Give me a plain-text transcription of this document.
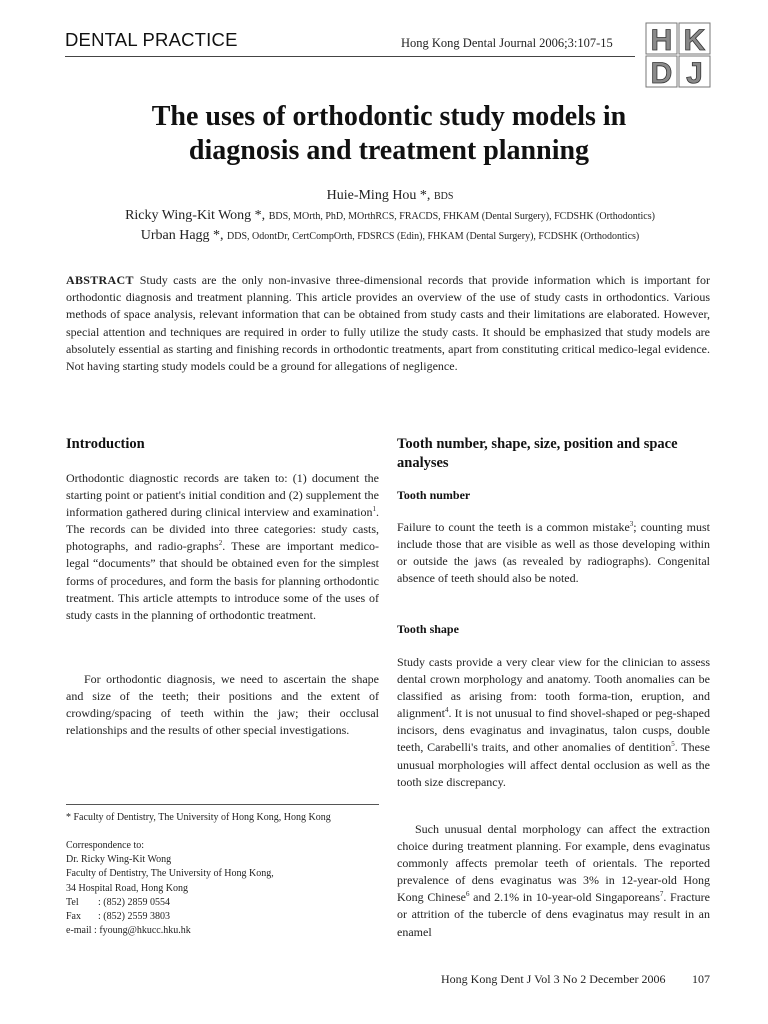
DENTAL PRACTICE	Hong Kong Dental Journal 2006;3:107-15 H K
D J
The uses of orthodontic study models in
diagnosis and treatment planning
Huie-Ming Hou *, BDS
Ricky Wing-Kit Wong *, BDS, MOrth, PhD, MOrthRCS, FRACDS, FHKAM (Dental Surgery), FCDSHK (Orthodontics)
Urban Hagg *, DDS, OdontDr, CertCompOrth, FDSRCS (Edin), FHKAM (Dental Surgery), FCDSHK (Orthodontics)
ABSTRACT Study casts are the only non-invasive three-dimensional records that provide information which is important for orthodontic diagnosis and treatment planning. This article provides an overview of the use of study casts in orthodontics. Various methods of space analysis, relevant information that can be obtained from study casts and their limitations are elaborated. However, special attention and techniques are required in order to fully utilize the study casts. It should be emphasized that study models are absolutely essential as starting and finishing records in orthodontic treatments, apart from constituting critical medico-legal evidence. Not having starting study models could be a ground for allegations of negligence.
Introduction
Orthodontic diagnostic records are taken to: (1) document the starting point or patient's initial condition and (2) supplement the information gathered during clinical interview and examination$^1$. The records can be divided into three categories: study casts, photographs, and radio-graphs$^2$. These are important medico-legal “documents” that should be obtained even for the simplest forms of procedures, and form the basis for planning orthodontic treatment. This article attempts to introduce some of the uses of study casts in the planning of orthodontic treatment.
For orthodontic diagnosis, we need to ascertain the shape and size of the teeth; their positions and the extent of crowding/spacing of teeth within the jaw; their occlusal relationships and the results of other special investigations.
* Faculty of Dentistry, The University of Hong Kong, Hong Kong
Correspondence to:
Dr. Ricky Wing-Kit Wong
Faculty of Dentistry, The University of Hong Kong,
34 Hospital Road, Hong Kong
Tel	: (852) 2859 0554
Fax	: (852) 2559 3803
e-mail : fyoung@hkucc.hku.hk
Tooth number, shape, size, position and space analyses
Tooth number
Failure to count the teeth is a common mistake$^3$; counting must include those that are visible as well as those developing within or outside the jaws (as revealed by radiographs). Congenital absence of teeth should also be noted.
Tooth shape
Study casts provide a very clear view for the clinician to assess dental crown morphology and anatomy. Tooth anomalies can be classified as arising from: tooth forma-tion, eruption, and alignment$^4$. It is not unusual to find shovel-shaped or peg-shaped incisors, dens evaginatus and invaginatus, talon cusps, double teeth, Carabelli's traits, and other anomalies of dentition$^5$. These unusual morphologies will affect dental occlusion as well as the tooth size discrepancy.
Such unusual dental morphology can affect the extraction choice during treatment planning. For example, dens evaginatus commonly affects premolar teeth of orientals. The reported prevalence of dens evaginatus was 3% in 12-year-old Hong Kong Chinese$^6$ and 2.1% in 10-year-old Singaporeans$^7$. Fracture or attrition of the tubercle of dens evaginatus may result in an enamel
Hong Kong Dent J Vol 3 No 2 December 2006 107
